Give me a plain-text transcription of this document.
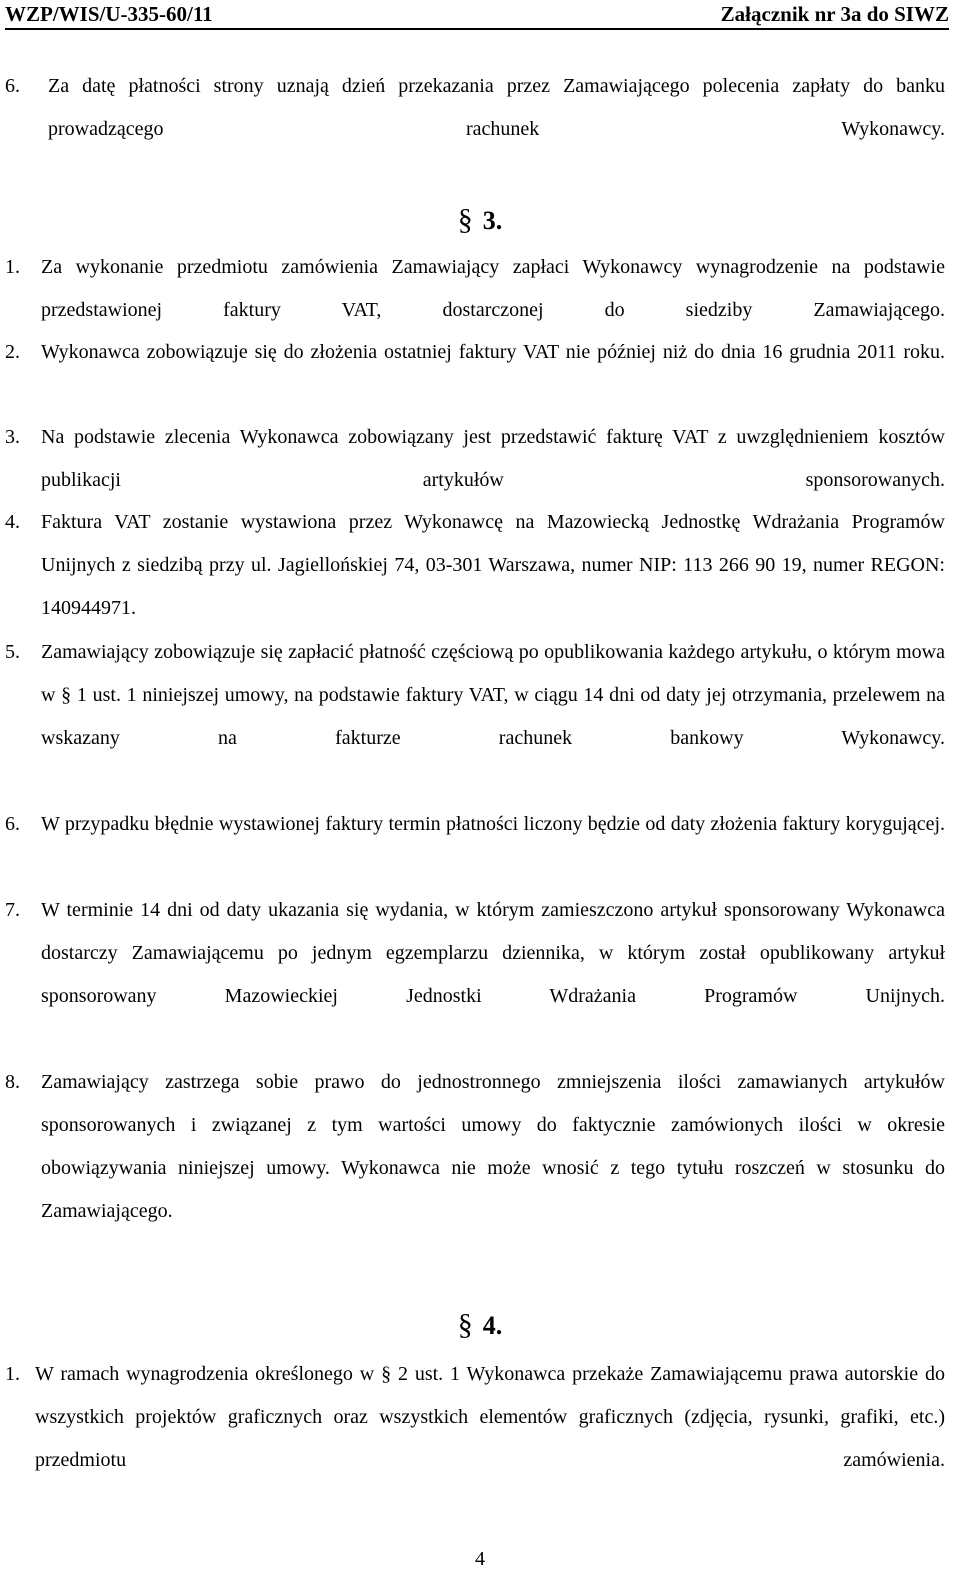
WZP/WIS/U-335-60/11	Załącznik nr 3a do SIWZ
6. Za datę płatności strony uznają dzień przekazania przez Zamawiającego polecenia zapłaty do banku prowadzącego rachunek Wykonawcy.
§ 3.
1. Za wykonanie przedmiotu zamówienia Zamawiający zapłaci Wykonawcy wynagrodzenie na podstawie przedstawionej faktury VAT, dostarczonej do siedziby Zamawiającego.
2. Wykonawca zobowiązuje się do złożenia ostatniej faktury VAT nie później niż do dnia 16 grudnia 2011 roku.
3. Na podstawie zlecenia Wykonawca zobowiązany jest przedstawić fakturę VAT z uwzględnieniem kosztów publikacji artykułów sponsorowanych.
4. Faktura VAT zostanie wystawiona przez Wykonawcę na Mazowiecką Jednostkę Wdrażania Programów Unijnych z siedzibą przy ul. Jagiellońskiej 74, 03-301 Warszawa, numer NIP: 113 266 90 19, numer REGON: 140944971.
5. Zamawiający zobowiązuje się zapłacić płatność częściową po opublikowania każdego artykułu, o którym mowa w § 1 ust. 1 niniejszej umowy, na podstawie faktury VAT, w ciągu 14 dni od daty jej otrzymania, przelewem na wskazany na fakturze rachunek bankowy Wykonawcy.
6. W przypadku błędnie wystawionej faktury termin płatności liczony będzie od daty złożenia faktury korygującej.
7. W terminie 14 dni od daty ukazania się wydania, w którym zamieszczono artykuł sponsorowany Wykonawca dostarczy Zamawiającemu po jednym egzemplarzu dziennika, w którym został opublikowany artykuł sponsorowany Mazowieckiej Jednostki Wdrażania Programów Unijnych.
8. Zamawiający zastrzega sobie prawo do jednostronnego zmniejszenia ilości zamawianych artykułów sponsorowanych i związanej z tym wartości umowy do faktycznie zamówionych ilości w okresie obowiązywania niniejszej umowy. Wykonawca nie może wnosić z tego tytułu roszczeń w stosunku do Zamawiającego.
§ 4.
1. W ramach wynagrodzenia określonego w § 2 ust. 1 Wykonawca przekaże Zamawiającemu prawa autorskie do wszystkich projektów graficznych oraz wszystkich elementów graficznych (zdjęcia, rysunki, grafiki, etc.) przedmiotu zamówienia.
4
